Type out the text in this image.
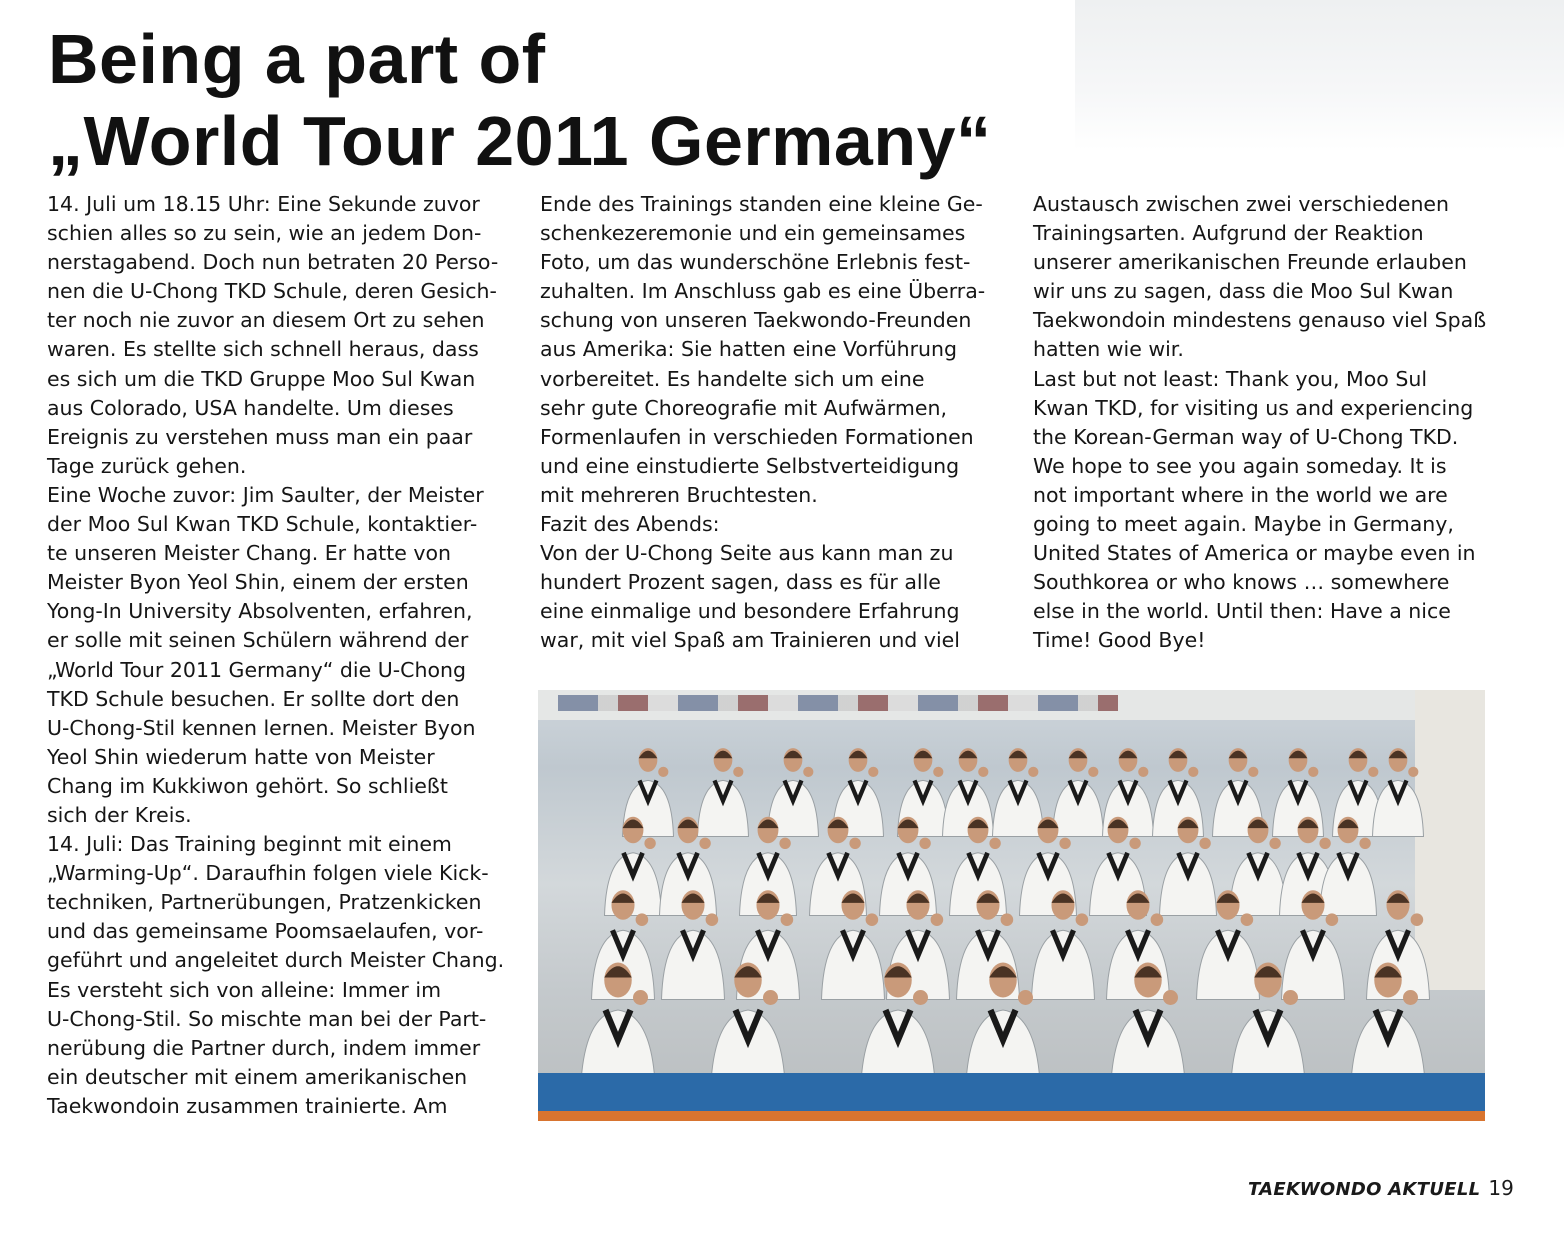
Being a part of
„World Tour 2011 Germany“
14. Juli um 18.15 Uhr: Eine Sekunde zuvor
schien alles so zu sein, wie an jedem Don-
nerstagabend. Doch nun betraten 20 Perso-
nen die U-Chong TKD Schule, deren Gesich-
ter noch nie zuvor an diesem Ort zu sehen
waren. Es stellte sich schnell heraus, dass
es sich um die TKD Gruppe Moo Sul Kwan
aus Colorado, USA handelte. Um dieses
Ereignis zu verstehen muss man ein paar
Tage zurück gehen.
Eine Woche zuvor: Jim Saulter, der Meister
der Moo Sul Kwan TKD Schule, kontaktier-
te unseren Meister Chang. Er hatte von
Meister Byon Yeol Shin, einem der ersten
Yong-In University Absolventen, erfahren,
er solle mit seinen Schülern während der
„World Tour 2011 Germany“ die U-Chong
TKD Schule besuchen. Er sollte dort den
U-Chong-Stil kennen lernen. Meister Byon
Yeol Shin wiederum hatte von Meister
Chang im Kukkiwon gehört. So schließt
sich der Kreis.
14. Juli: Das Training beginnt mit einem
„Warming-Up“. Daraufhin folgen viele Kick-
techniken, Partnerübungen, Pratzenkicken
und das gemeinsame Poomsaelaufen, vor-
geführt und angeleitet durch Meister Chang.
Es versteht sich von alleine: Immer im
U-Chong-Stil. So mischte man bei der Part-
nerübung die Partner durch, indem immer
ein deutscher mit einem amerikanischen
Taekwondoin zusammen trainierte. Am
Ende des Trainings standen eine kleine Ge-
schenkezeremonie und ein gemeinsames
Foto, um das wunderschöne Erlebnis fest-
zuhalten. Im Anschluss gab es eine Überra-
schung von unseren Taekwondo-Freunden
aus Amerika: Sie hatten eine Vorführung
vorbereitet. Es handelte sich um eine
sehr gute Choreografie mit Aufwärmen,
Formenlaufen in verschieden Formationen
und eine einstudierte Selbstverteidigung
mit mehreren Bruchtesten.
Fazit des Abends:
Von der U-Chong Seite aus kann man zu
hundert Prozent sagen, dass es für alle
eine einmalige und besondere Erfahrung
war, mit viel Spaß am Trainieren und viel
Austausch zwischen zwei verschiedenen
Trainingsarten. Aufgrund der Reaktion
unserer amerikanischen Freunde erlauben
wir uns zu sagen, dass die Moo Sul Kwan
Taekwondoin mindestens genauso viel Spaß
hatten wie wir.
Last but not least: Thank you, Moo Sul
Kwan TKD, for visiting us and experiencing
the Korean-German way of U-Chong TKD.
We hope to see you again someday. It is
not important where in the world we are
going to meet again. Maybe in Germany,
United States of America or maybe even in
Southkorea or who knows … somewhere
else in the world. Until then: Have a nice
Time! Good Bye!
TAEKWONDO AKTUELL 19
